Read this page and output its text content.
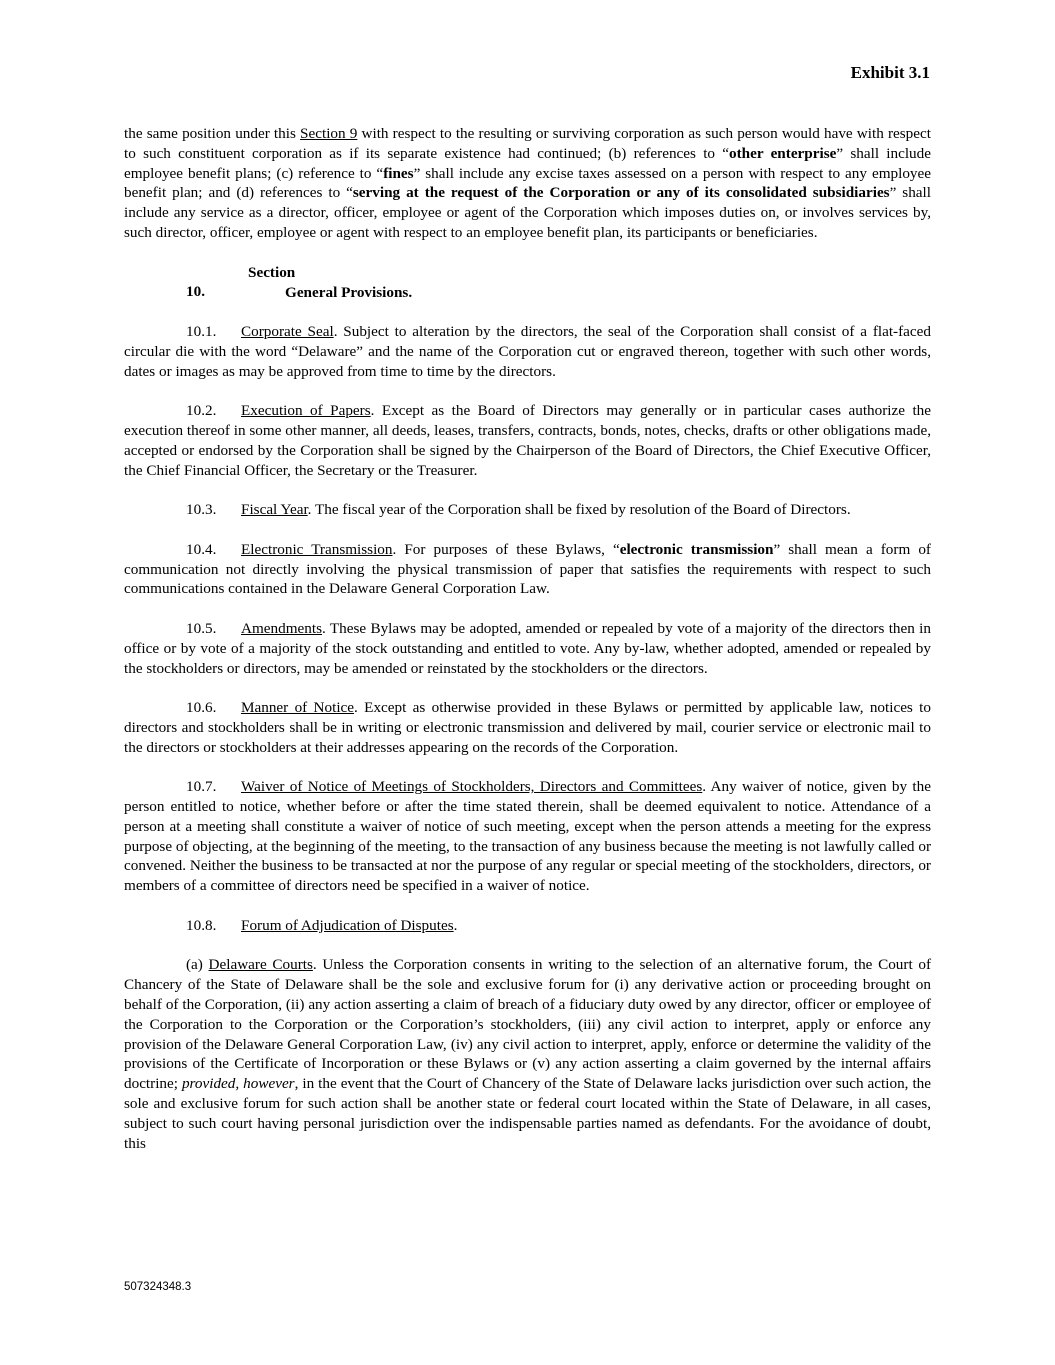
Exhibit 3.1

the same position under this Section 9 with respect to the resulting or surviving corporation as such person would have with respect to such constituent corporation as if its separate existence had continued; (b) references to “other enterprise” shall include employee benefit plans; (c) reference to “fines” shall include any excise taxes assessed on a person with respect to any employee benefit plan; and (d) references to “serving at the request of the Corporation or any of its consolidated subsidiaries” shall include any service as a director, officer, employee or agent of the Corporation which imposes duties on, or involves services by, such director, officer, employee or agent with respect to an employee benefit plan, its participants or beneficiaries.

Section 10.	General Provisions.

10.1. Corporate Seal. Subject to alteration by the directors, the seal of the Corporation shall consist of a flat-faced circular die with the word “Delaware” and the name of the Corporation cut or engraved thereon, together with such other words, dates or images as may be approved from time to time by the directors.

10.2. Execution of Papers. Except as the Board of Directors may generally or in particular cases authorize the execution thereof in some other manner, all deeds, leases, transfers, contracts, bonds, notes, checks, drafts or other obligations made, accepted or endorsed by the Corporation shall be signed by the Chairperson of the Board of Directors, the Chief Executive Officer, the Chief Financial Officer, the Secretary or the Treasurer.

10.3. Fiscal Year. The fiscal year of the Corporation shall be fixed by resolution of the Board of Directors.

10.4. Electronic Transmission. For purposes of these Bylaws, “electronic transmission” shall mean a form of communication not directly involving the physical transmission of paper that satisfies the requirements with respect to such communications contained in the Delaware General Corporation Law.

10.5. Amendments. These Bylaws may be adopted, amended or repealed by vote of a majority of the directors then in office or by vote of a majority of the stock outstanding and entitled to vote. Any by-law, whether adopted, amended or repealed by the stockholders or directors, may be amended or reinstated by the stockholders or the directors.

10.6. Manner of Notice. Except as otherwise provided in these Bylaws or permitted by applicable law, notices to directors and stockholders shall be in writing or electronic transmission and delivered by mail, courier service or electronic mail to the directors or stockholders at their addresses appearing on the records of the Corporation.

10.7. Waiver of Notice of Meetings of Stockholders, Directors and Committees. Any waiver of notice, given by the person entitled to notice, whether before or after the time stated therein, shall be deemed equivalent to notice. Attendance of a person at a meeting shall constitute a waiver of notice of such meeting, except when the person attends a meeting for the express purpose of objecting, at the beginning of the meeting, to the transaction of any business because the meeting is not lawfully called or convened. Neither the business to be transacted at nor the purpose of any regular or special meeting of the stockholders, directors, or members of a committee of directors need be specified in a waiver of notice.

10.8. Forum of Adjudication of Disputes.

(a) Delaware Courts. Unless the Corporation consents in writing to the selection of an alternative forum, the Court of Chancery of the State of Delaware shall be the sole and exclusive forum for (i) any derivative action or proceeding brought on behalf of the Corporation, (ii) any action asserting a claim of breach of a fiduciary duty owed by any director, officer or employee of the Corporation to the Corporation or the Corporation’s stockholders, (iii) any civil action to interpret, apply or enforce any provision of the Delaware General Corporation Law, (iv) any civil action to interpret, apply, enforce or determine the validity of the provisions of the Certificate of Incorporation or these Bylaws or (v) any action asserting a claim governed by the internal affairs doctrine; provided, however, in the event that the Court of Chancery of the State of Delaware lacks jurisdiction over such action, the sole and exclusive forum for such action shall be another state or federal court located within the State of Delaware, in all cases, subject to such court having personal jurisdiction over the indispensable parties named as defendants. For the avoidance of doubt, this

507324348.3
